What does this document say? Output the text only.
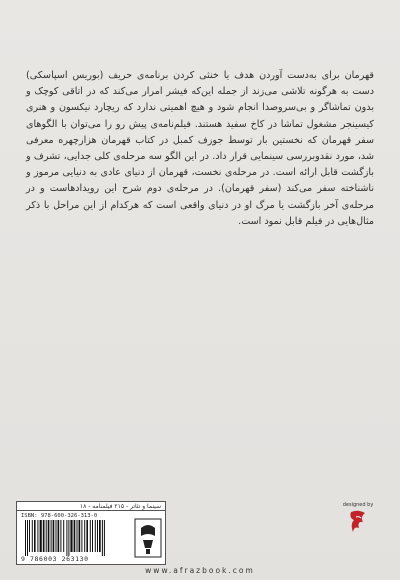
قهرمان برای به‌دست آوردن هدف یا خنثی کردن برنامه‌ی حریف (بوریس اسپاسکی) دست به هرگونه تلاشی می‌زند از جمله این‌که فیشر امرار می‌کند که در اتاقی کوچک و بدون تماشاگر و بی‌سروصدا انجام شود و هیچ اهمیتی ندارد که ریچارد نیکسون و هنری کیسینجر مشغول تماشا در کاخ سفید هستند. فیلم‌نامه‌ی پیش رو را می‌توان با الگوهای سفر قهرمان که نخستین بار توسط جوزف کمبل در کتاب قهرمان هزارچهره معرفی شد، مورد نقدوبررسی سینمایی قرار داد. در این الگو سه مرحله‌ی کلی جدایی، تشرف و بازگشت قابل ارائه است. در مرحله‌ی نخست، قهرمان از دنیای عادی به دنیایی مرموز و ناشناخته سفر می‌کند (سفر قهرمان). در مرحله‌ی دوم شرح این رویدادهاست و در مرحله‌ی آخر بازگشت یا مرگ او در دنیای واقعی است که هرکدام از این مراحل با ذکر مثال‌هایی در فیلم قابل نمود است.

سینما و تئاتر - ۲۱۵ فیلمنامه - ۱۸
ISBN: 978-600-326-313-0
9 786003 263130
designed by
www.afrazbook.com
